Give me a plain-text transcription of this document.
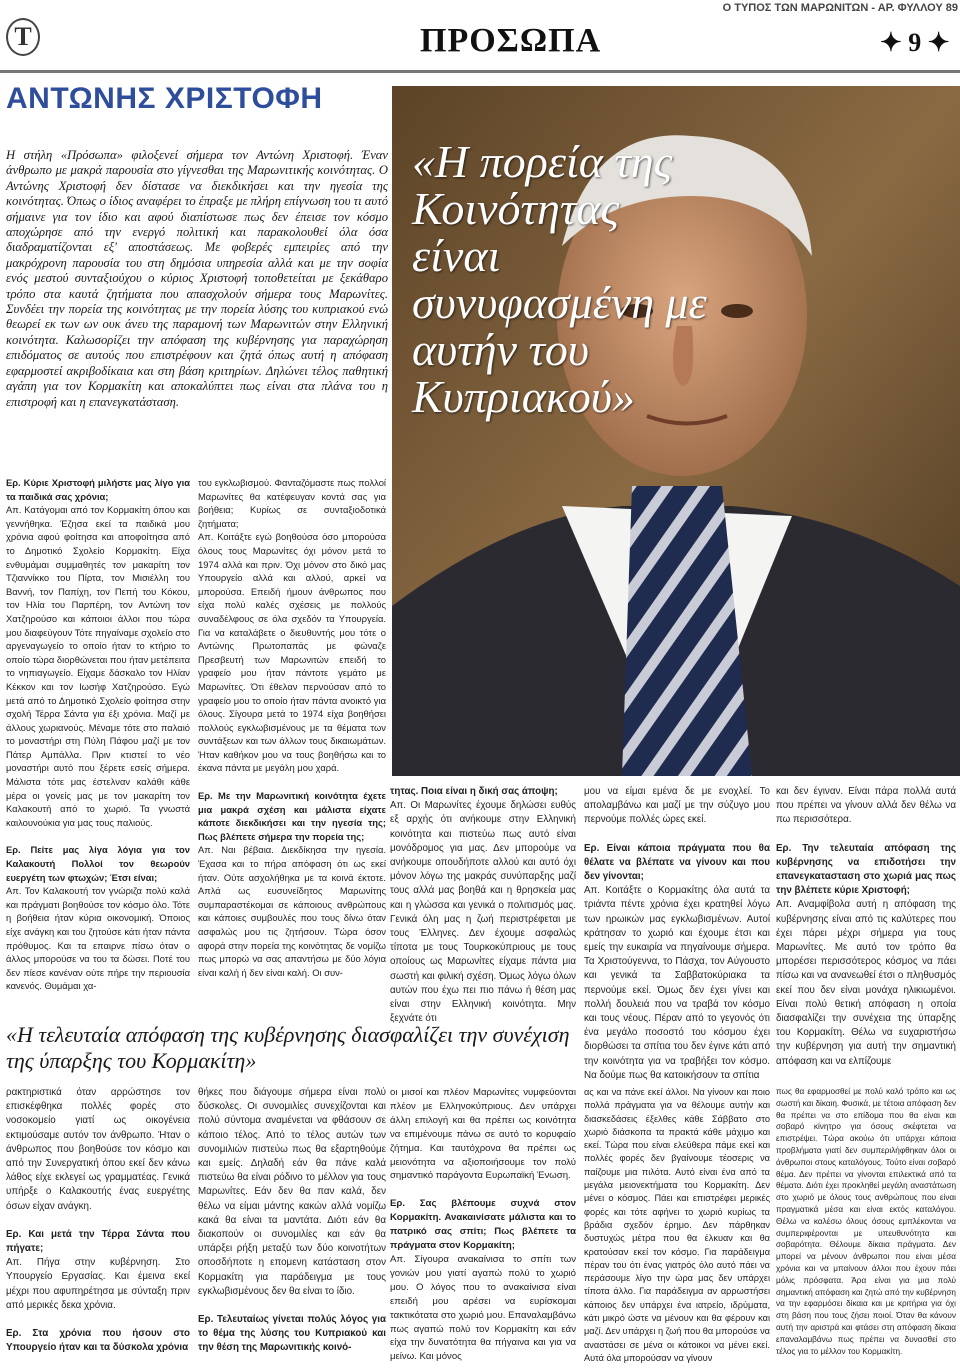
Ο ΤΥΠΟΣ ΤΩΝ ΜΑΡΩΝΙΤΩΝ - ΑΡ. ΦΥΛΛΟΥ 89
T	ΠΡΟΣΩΠΑ	✦ 9 ✦
ΑΝΤΩΝΗΣ ΧΡΙΣΤΟΦΗ
Η στήλη «Πρόσωπα» φιλοξενεί σήμερα τον Αντώνη Χριστοφή. Έναν άνθρωπο με μακρά παρουσία στο γίγνεσθαι της Μαρωνιτικής κοινότητας. Ο Αντώνης Χριστοφή δεν δίστασε να διεκδικήσει και την ηγεσία της κοινότητας. Όπως ο ίδιος αναφέρει το έπραξε με πλήρη επίγνωση του τι αυτό σήμαινε για τον ίδιο και αφού διαπίστωσε πως δεν έπεισε τον κόσμο αποχώρησε από την ενεργό πολιτική και παρακολουθεί όλα όσα διαδραματίζονται εξ' αποστάσεως. Με φοβερές εμπειρίες από την μακρόχρονη παρουσία του στη δημόσια υπηρεσία αλλά και με την σοφία ενός μεστού συνταξιούχου ο κύριος Χριστοφή τοποθετείται με ξεκάθαρο τρόπο στα καυτά ζητήματα που απασχολούν σήμερα τους Μαρωνίτες. Συνδέει την πορεία της κοινότητας με την πορεία λύσης του κυπριακού ενώ θεωρεί εκ των ων ουκ άνευ της παραμονή των Μαρωνιτών στην Ελληνική κοινότητα. Καλωσορίζει την απόφαση της κυβέρνησης για παραχώρηση επιδόματος σε αυτούς που επιστρέφουν και ζητά όπως αυτή η απόφαση εφαρμοστεί ακριβοδίκαια και στη βάση κριτηρίων. Δηλώνει τέλος παθητική αγάπη για τον Κορμακίτη και αποκαλύπτει πως είναι στα πλάνα του η επιστροφή και η επανεγκατάσταση.
«Η πορεία της Κοινότητας είναι συνυφασμένη με αυτήν του Κυπριακού»

Ερ. Κύριε Χριστοφή μιλήστε μας λίγο για τα παιδικά σας χρόνια;

Απ. Κατάγομαι από τον Κορμακίτη όπου και γεννήθηκα. Έζησα εκεί τα παιδικά μου χρόνια αφού φοίτησα και αποφοίτησα από το Δημοτικό Σχολείο Κορμακίτη. Είχα ενθυμάμαι συμμαθητές τον μακαρίτη τον Τζιαννίκκο του Πίρτα, τον Μισιέλλη του Βαννή, τον Παπίχη, τον Πεπή του Κόκου, τον Ηλία του Παρπέρη, τον Αντώνη τον Χατζηρούσο και κάποιοι άλλοι που τώρα μου διαφεύγουν Τότε πηγαίναμε σχολείο στο αργεναγωγείο το οποίο ήταν το κτήριο το οποίο τώρα διορθώνεται που ήταν μετέπειτα το νηπιαγωγείο. Είχαμε δάσκαλο τον Ηλίαν Κέκκον και τον Ιωσήφ Χατζηρούσο. Εγώ μετά από το Δημοτικό Σχολείο φοίτησα στην σχολή Τέρρα Σάντα για έξι χρόνια. Μαζί με άλλους χωριανούς. Μέναμε τότε στο παλαιό το μοναστήρι στη Πύλη Πάφου μαζί με τον Πάτερ Αμπάλλα. Πριν κτιστεί το νέο μοναστήρι αυτό που ξέρετε εσείς σήμερα. Μάλιστα τότε μας έστελναν καλάθι κάθε μέρα οι γονείς μας με τον μακαρίτη τον Καλακουτή από το χωριό. Τα γνωστά καιλουνούκια για μας τους παλιούς.

Ερ. Πείτε μας λίγα λόγια για τον Καλακουτή Πολλοί τον θεωρούν ευεργέτη των φτωχών; Έτσι είναι;

Απ. Τον Καλακουτή τον γνώριζα πολύ καλά και πράγματι βοηθούσε τον κόσμο όλο. Τότε η βοήθεια ήταν κύρια οικονομική. Όποιος είχε ανάγκη και του ζητούσε κάτι ήταν πάντα πρόθυμος. Και τα επαιρνε πίσω όταν ο άλλος μπορούσε να του τα δώσει. Ποτέ του δεν πίεσε κανέναν ούτε πήρε την περιουσία κανενός. Θυμάμαι χα-

του εγκλωβισμού. Φανταζόμαστε πως πολλοί Μαρωνίτες θα κατέφευγαν κοντά σας για βοήθεια; Κυρίως σε συνταξιοδοτικά ζητήματα;

Απ. Κοιτάξτε εγώ βοηθούσα όσο μπορούσα όλους τους Μαρωνίτες όχι μόνον μετά το 1974 αλλά και πριν. Όχι μόνον στο δικό μας Υπουργείο αλλά και αλλού, αρκεί να μπορούσα. Επειδή ήμουν άνθρωπος που είχα πολύ καλές σχέσεις με πολλούς συναδέλφους σε όλα σχεδόν τα Υπουργεία. Για να καταλάβετε ο διευθυντής μου τότε ο Αντώνης Πρωτοπαπάς με φώναζε Πρεσβευτή των Μαρωνιτών επειδή το γραφείο μου ήταν πάντοτε γεμάτο με Μαρωνίτες. Ότι έθελαν περνούσαν από το γραφείο μου το οποίο ήταν πάντα ανοικτό για όλους. Σίγουρα μετά το 1974 είχα βοηθήσει πολλούς εγκλωβισμένους με τα θέματα των συντάξεων και των άλλων τους δικαιωμάτων. Ήταν καθήκον μου να τους βοηθήσω και το έκανα πάντα με μεγάλη μου χαρά.

Ερ. Με την Μαρωνιτική κοινότητα έχετε μια μακρά σχέση και μάλιστα είχατε κάποτε διεκδικήσει και την ηγεσία της; Πως βλέπετε σήμερα την πορεία της;

Απ. Ναι βέβαια. Διεκδίκησα την ηγεσία. Έχασα και το πήρα απόφαση ότι ως εκεί ήταν. Ούτε ασχολήθηκα με τα κοινά έκτοτε. Απλά ως ευσυνείδητος Μαρωνίτης συμπαραστέκομαι σε κάποιους ανθρώπους και κάποιες συμβουλές που τους δίνω όταν ασφαλώς μου τις ζητήσουν. Τώρα όσον αφορά στην πορεία της κοινότητας δε νομίζω πως μπορώ να σας απαντήσω με δύο λόγια είναι καλή ή δεν είναι καλή. Οι συν-

τητας. Ποια είναι η δική σας άποψη;

Απ. Οι Μαρωνίτες έχουμε δηλώσει ευθύς εξ αρχής ότι ανήκουμε στην Ελληνική κοινότητα και πιστεύω πως αυτό είναι μονόδρομος για μας. Δεν μπορούμε να ανήκουμε οπουδήποτε αλλού και αυτό όχι μόνον λόγω της μακράς συνύπαρξης μαζί τους αλλά μας βοηθά και η θρησκεία μας και η γλώσσα και γενικά ο πολιτισμός μας. Γενικά όλη μας η ζωή περιστρέφεται με τους Έλληνες. Δεν έχουμε ασφαλώς τίποτα με τους Τουρκοκύπριους με τους οποίους ως Μαρωνίτες είχαμε πάντα μια σωστή και φιλική σχέση. Όμως λόγω όλων αυτών που έχω πει πιο πάνω ή θέση μας είναι στην Ελληνική κοινότητα. Μην ξεχνάτε ότι

μου να είμαι εμένα δε με ενοχλεί. Το απολαμβάνω και μαζί με την σύζυγο μου περνούμε πολλές ώρες εκεί.

Ερ. Είναι κάποια πράγματα που θα θέλατε να βλέπατε να γίνουν και που δεν γίνονται;

Απ. Κοιτάξτε ο Κορμακίτης όλα αυτά τα τριάντα πέντε χρόνια έχει κρατηθεί λόγω των ηρωικών μας εγκλωβισμένων. Αυτοί κράτησαν το χωριό και έχουμε έτσι και εμείς την ευκαιρία να πηγαίνουμε σήμερα. Τα Χριστούγεννα, το Πάσχα, τον Αύγουστο και γενικά τα Σαββατοκύριακα τα περνούμε εκεί. Όμως δεν έχει γίνει και πολλή δουλειά που να τραβά τον κόσμο και τους νέους. Πέραν από το γεγονός ότι ένα μεγάλο ποσοστό του κόσμου έχει διορθώσει τα σπίτια του δεν έγινε κάτι από την κοινότητα για να τραβήξει τον κόσμο. Να δούμε πως θα κατοικήσουν τα σπίτια

και δεν έγιναν. Είναι πάρα πολλά αυτά που πρέπει να γίνουν αλλά δεν θέλω να πω περισσότερα.

Ερ. Την τελευταία απόφαση της κυβέρνησης να επιδοτήσει την επανεγκατασταση στο χωριά μας πως την βλέπετε κύριε Χριστοφή;

Απ. Αναμφίβολα αυτή η απόφαση της κυβέρνησης είναι από τις καλύτερες που έχει πάρει μέχρι σήμερα για τους Μαρωνίτες. Με αυτό τον τρόπο θα μπορέσει περισσότερος κόσμος να πάει πίσω και να ανανεωθεί έτσι ο πληθυσμός εκεί που δεν είναι μονάχα ηλικιωμένοι. Είναι πολύ θετική απόφαση η οποία διασφαλίζει την συνέχεια της ύπαρξης του Κορμακίτη. Θέλω να ευχαριστήσω την κυβέρνηση για αυτή την σημαντική απόφαση και να ελπίζουμε

«Η τελευταία απόφαση της κυβέρνησης διασφαλίζει την συνέχιση της ύπαρξης του Κορμακίτη»

ρακτηριστικά όταν αρρώστησε τον επισκέφθηκα πολλές φορές στο νοσοκομείο γιατί ως οικογένεια εκτιμούσαμε αυτόν τον άνθρωπο. Ήταν ο άνθρωπος που βοηθούσε τον κόσμο και από την Συνεργατική όπου εκεί δεν κάνω λάθος είχε εκλεγεί ως γραμματέας. Γενικά υπήρξε ο Καλακουτής ένας ευεργέτης όσων είχαν ανάγκη.

Ερ. Και μετά την Τέρρα Σάντα που πήγατε;

Απ. Πήγα στην κυβέρνηση. Στο Υπουργείο Εργασίας. Και έμεινα εκεί μέχρι που αφυπηρέτησα με σύνταξη πριν από μερικές δεκα χρόνια.

Ερ. Στα χρόνια που ήσουν στο Υπουργείο ήταν και τα δύσκολα χρόνια

θήκες που διάγουμε σήμερα είναι πολύ δύσκολες. Οι συνομιλίες συνεχίζονται και πολύ σύντομα αναμένεται να φθάσουν σε κάποιο τέλος. Από το τέλος αυτών των συνομιλιών πιστεύω πως θα εξαρτηθούμε και εμείς. Δηλαδή εάν θα πάνε καλά πιστεύω θα είναι ρόδινο το μέλλον για τους Μαρωνίτες. Εάν δεν θα παν καλά, δεν θέλω να είμαι μάντης κακών αλλά νομίζω κακά θα είναι τα μαντάτα. Διότι εάν θα διακοπούν οι συνομιλίες και εάν θα υπάρξει ρήξη μεταξύ των δύο κοινοτήτων οποσδήποτε η επομενη κατάσταση στον Κορμακίτη για παράδειγμα με τους εγκλωβισμένους δεν θα είναι το ίδιο.

Ερ. Τελευταίως γίνεται πολύς λόγος για το θέμα της λύσης του Κυπριακού και την θέση της Μαρωνιτικής κοινό-

οι μισοί και πλέον Μαρωνίτες νυμφεύονται πλέον με Ελληνοκύπριους. Δεν υπάρχει άλλη επιλογή και θα πρέπει ως κοινότητα να επιμένουμε πάνω σε αυτό το κορυφαίο ζήτημα. Και ταυτόχρονα θα πρέπει ως μειονότητα να αξιοποιήσουμε τον πολύ σημαντικό παράγοντα Ευρωπαϊκή Ένωση.

Ερ. Σας βλέπουμε συχνά στον Κορμακίτη. Ανακαινίσατε μάλιστα και το πατρικό σας σπίτι; Πως βλέπετε τα πράγματα στον Κορμακίτη;

Απ. Σίγουρα ανακαίνισα το σπίτι των γονιών μου γιατί αγαπώ πολύ το χωριό μου. Ο λόγος που το ανακαίνισα είναι επειδή μου αρέσει να ευρίσκομαι τακτικότατα στο χωριό μου. Επαναλαμβάνω πως αγαπώ πολύ τον Κορμακίτη και εάν είχα την δυνατότητα θα πήγαινα και για να μείνω. Και μόνος

ας και να πάνε εκεί άλλοι. Να γίνουν και ποιο πολλά πράγματα για να θέλουμε αυτήν και διασκεδάσεις έξελθες κάθε Σάββατο στο χωριό διάσκοπα τα πρακτά κάθε μάχιμο και εκεί. Τώρα που είναι ελεύθερα πάμε εκεί και πολλές φορές δεν βγαίνουμε τέοσερις να παίζουμε μια πιλότα. Αυτό είναι ένα από τα μεγάλα μειονεκτήματα του Κορμακίτη. Δεν μένει ο κόσμος. Πάει και επιστρέφει μερικές φορές και τότε αφήνει το χωριό κυρίως τα βράδια σχεδόν έρημο. Δεν πάρθηκαν δυστυχώς μέτρα που θα έλκυαν και θα κρατούσαν εκεί τον κόσμο. Για παράδειγμα πέραν του ότι ένας γιατρός όλο αυτό πάει να περάσουμε λίγο την ώρα μας δεν υπάρχει τίποτα άλλο. Για παράδειγμα αν αρρωστήσει κάποιος δεν υπάρχει ένα ιατρείο, ιδρύματα, κάτι μικρό ώστε να μένουν και θα φέρουν και μαζί. Δεν υπάρχει η ζωή που θα μπορούσε να αναστάσει σε μένα οι κάτοικοι να μένει εκεί. Αυτά όλα μπορούσαν να γίνουν

πως θα εφαρμοσθεί με πολύ καλό τρόπο και ως σωστή και δίκαιη. Φυσικά, με τέτοια απόφαση δεν θα πρέπει να στο επίδομα που θα είναι και σοβαρό κίνητρο για όσους σκέφτεται να επιστρέψει. Τώρα ακούω ότι υπάρχει κάποια προβλήματα γιατί δεν συμπεριλήφθηκαν όλοι οι άνθρωποι στους καταλόγους. Τούτο είναι σοβαρό θέμα. Δεν πρέπει να γίνονται επιλεκτικά από τα θέματα. Διότι έχει προκληθεί μεγάλη αναστάτωση στο χωριό με όλους τους ανθρώπους που είναι πραγματικά μέσα και είναι εκτός καταλόγου. Θέλω να καλέσω όλους όσους εμπλέκονται να συμπεριφέρονται με υπευθυνότητα και σοβαρότητα. Θέλουμε δίκαια πράγματα. Δεν μπορεί να μένουν άνθρωποι που είναι μέσα χρόνια και να μπαίνουν άλλοι που έχουν πάει μόλις πρόσφατα. Άρα είναι για μια πολύ σημαντική απόφαση και ζητώ από την κυβέρνηση να την εφαρμόσει δίκαια και με κριτήρια για όχι στη βάση που τους ζήσει ποιοί. Όταν θα κάνουν αυτή την αριστρά και φτάσει στη απόφαση δίκαια επαναλαμβάνω πως πρέπει να δυνασθεί στο τέλος για το μέλλον του Κορμακίτη.
